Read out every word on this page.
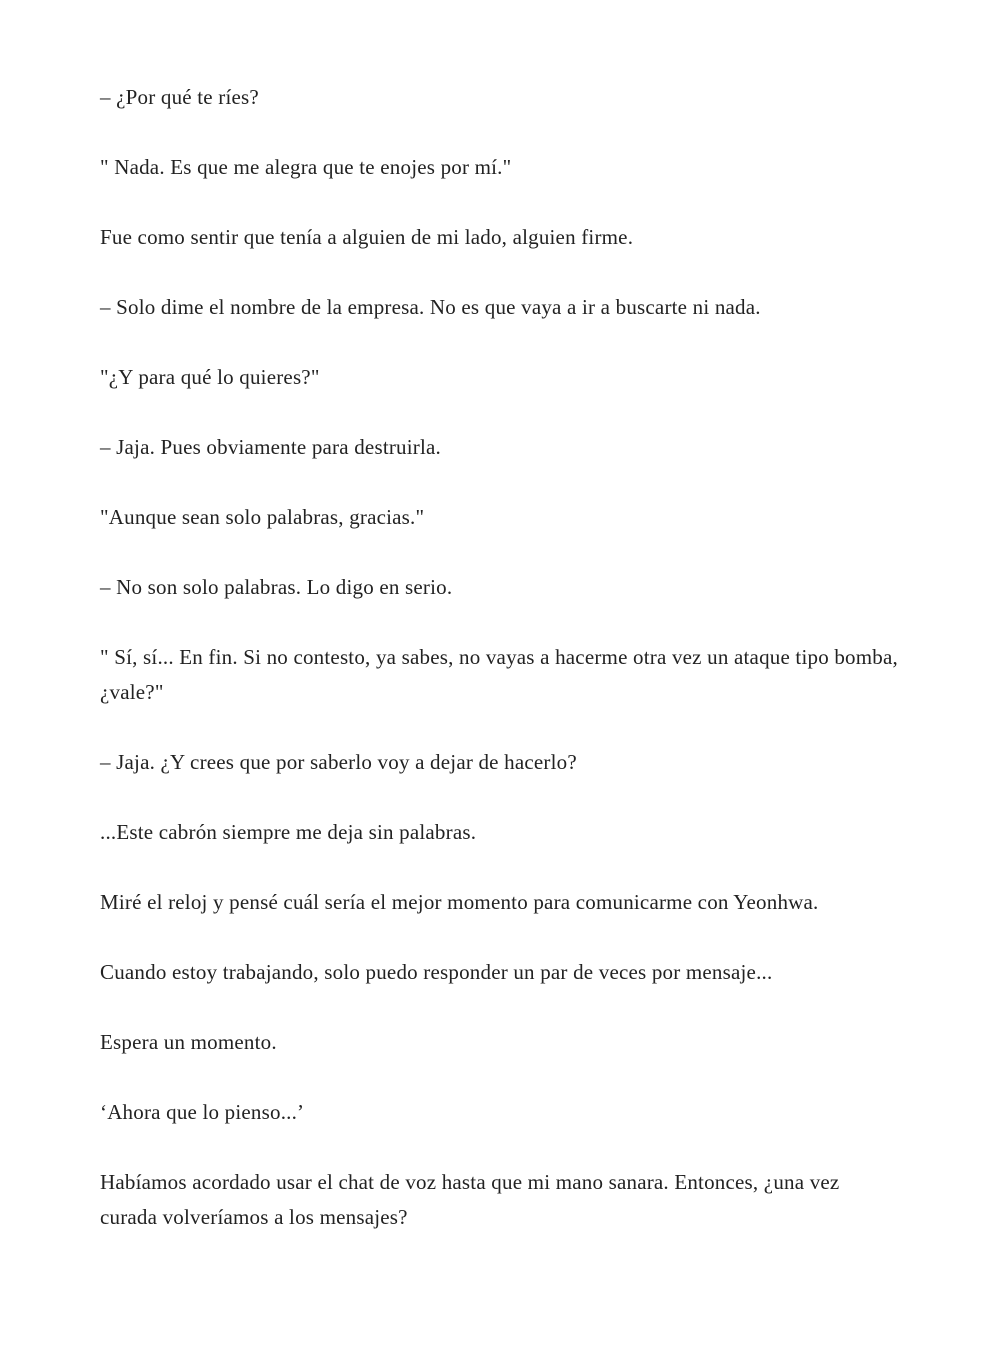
– ¿Por qué te ríes?

" Nada. Es que me alegra que te enojes por mí."

Fue como sentir que tenía a alguien de mi lado, alguien firme.

– Solo dime el nombre de la empresa. No es que vaya a ir a buscarte ni nada.

"¿Y para qué lo quieres?"

– Jaja. Pues obviamente para destruirla.

"Aunque sean solo palabras, gracias."

– No son solo palabras. Lo digo en serio.

" Sí, sí... En fin. Si no contesto, ya sabes, no vayas a hacerme otra vez un ataque tipo bomba, ¿vale?"

– Jaja. ¿Y crees que por saberlo voy a dejar de hacerlo?

...Este cabrón siempre me deja sin palabras.

Miré el reloj y pensé cuál sería el mejor momento para comunicarme con Yeonhwa.

Cuando estoy trabajando, solo puedo responder un par de veces por mensaje...

Espera un momento.

‘Ahora que lo pienso...’

Habíamos acordado usar el chat de voz hasta que mi mano sanara. Entonces, ¿una vez curada volveríamos a los mensajes?
